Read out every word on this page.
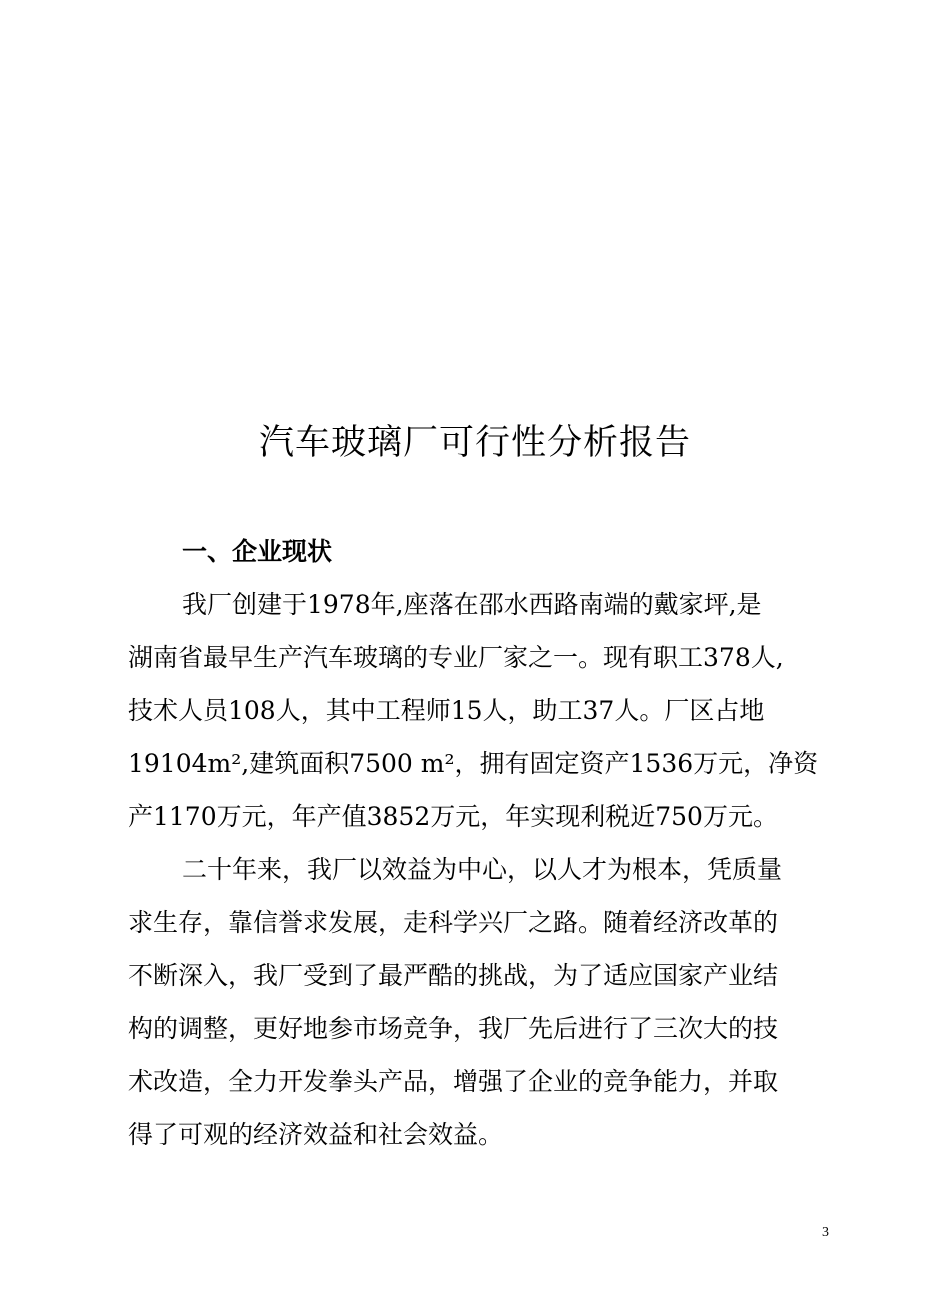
汽车玻璃厂可行性分析报告
一、企业现状
我厂创建于1978年,座落在邵水西路南端的戴家坪,是
湖南省最早生产汽车玻璃的专业厂家之一。现有职工378人,
技术人员108人，其中工程师15人，助工37人。厂区占地
19104m²,建筑面积7500 m²，拥有固定资产1536万元，净资
产1170万元，年产值3852万元，年实现利税近750万元。
二十年来，我厂以效益为中心，以人才为根本，凭质量
求生存，靠信誉求发展，走科学兴厂之路。随着经济改革的
不断深入，我厂受到了最严酷的挑战，为了适应国家产业结
构的调整，更好地参市场竞争，我厂先后进行了三次大的技
术改造，全力开发拳头产品，增强了企业的竞争能力，并取
得了可观的经济效益和社会效益。
3
